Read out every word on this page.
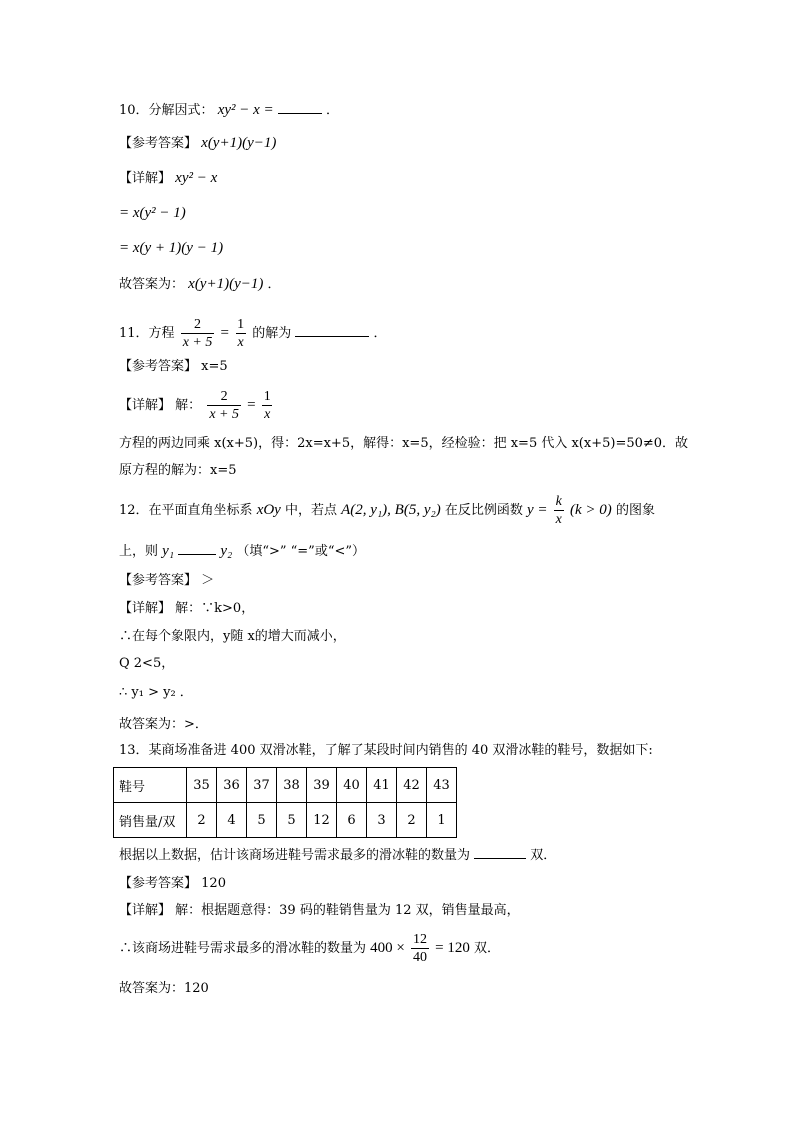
10．分解因式： xy² − x =	．
【参考答案】 x(y+1)(y−1)
【详解】 xy² − x
= x(y² − 1)
= x(y + 1)(y − 1)
故答案为： x(y+1)(y−1) ．
11．方程 $\frac{2}{x + 5} = \frac{1}{x}$ 的解为	．
【参考答案】 x=5
【详解】 解： $\frac{2}{x + 5} = \frac{1}{x}$
方程的两边同乘 x(x+5)，得：2x=x+5，解得：x=5，经检验：把 x=5 代入 x(x+5)=50≠0．故
原方程的解为：x=5
12．在平面直角坐标系 xOy 中，若点 A(2, y₁), B(5, y₂) 在反比例函数 $y = \frac{k}{x} (k > 0)$ 的图象
上，则 y₁	y₂ （填“>” “=”或“<”）
【参考答案】 ＞
【详解】 解：∵k>0，
∴在每个象限内，y随 x的增大而减小，
Q 2<5，
∴ y₁ > y₂ ．
故答案为：>．
13．某商场准备进 400 双滑冰鞋，了解了某段时间内销售的 40 双滑冰鞋的鞋号，数据如下:
鞋号	35	36	37	38	39	40	41	42	43
销售量/双	2	4	5	5	12	6	3	2	1
根据以上数据，估计该商场进鞋号需求最多的滑冰鞋的数量为	双．
【参考答案】 120
【详解】 解：根据题意得：39 码的鞋销售量为 12 双，销售量最高，
∴该商场进鞋号需求最多的滑冰鞋的数量为 $400 \times \frac{12}{40} = 120$ 双．
故答案为：120
